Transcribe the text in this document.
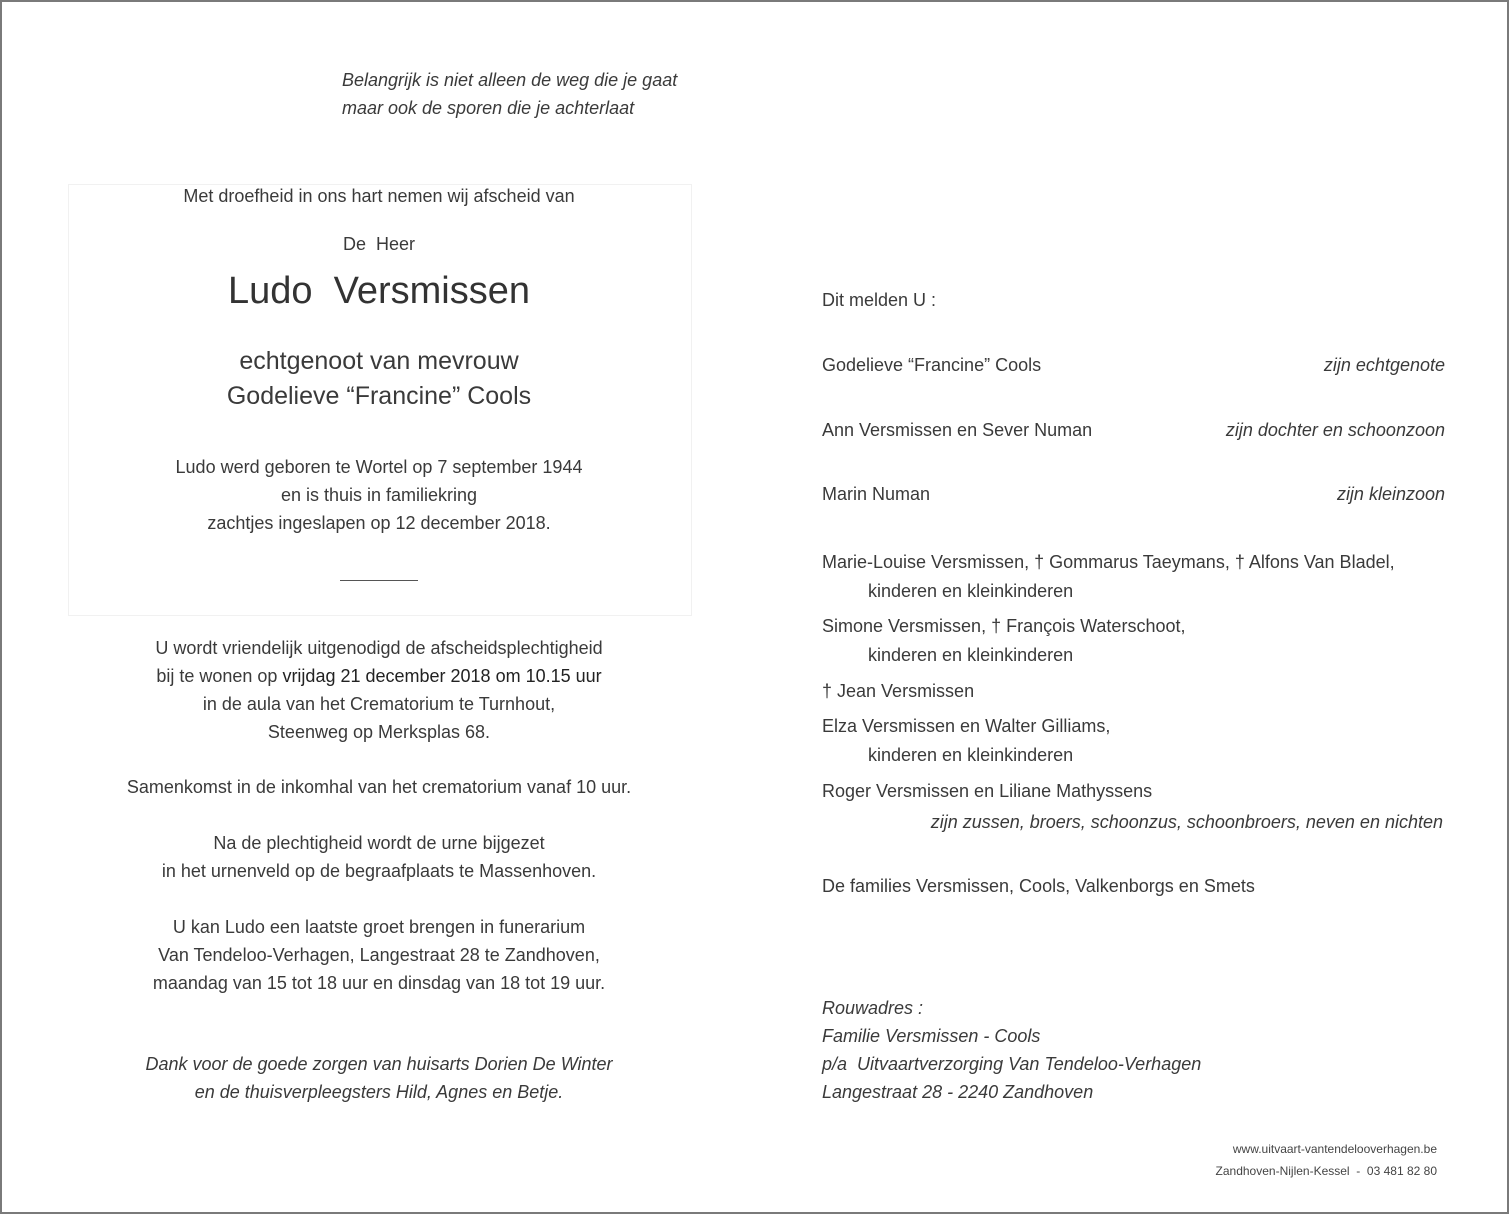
Belangrijk is niet alleen de weg die je gaat
maar ook de sporen die je achterlaat
Met droefheid in ons hart nemen wij afscheid van
De  Heer
Ludo  Versmissen
echtgenoot van mevrouw
Godelieve “Francine” Cools
Ludo werd geboren te Wortel op 7 september 1944
en is thuis in familiekring
zachtjes ingeslapen op 12 december 2018.
U wordt vriendelijk uitgenodigd de afscheidsplechtigheid
bij te wonen op vrijdag 21 december 2018 om 10.15 uur
in de aula van het Crematorium te Turnhout,
Steenweg op Merksplas 68.
Samenkomst in de inkomhal van het crematorium vanaf 10 uur.
Na de plechtigheid wordt de urne bijgezet
in het urnenveld op de begraafplaats te Massenhoven.
U kan Ludo een laatste groet brengen in funerarium
Van Tendeloo-Verhagen, Langestraat 28 te Zandhoven,
maandag van 15 tot 18 uur en dinsdag van 18 tot 19 uur.
Dank voor de goede zorgen van huisarts Dorien De Winter
en de thuisverpleegsters Hild, Agnes en Betje.
Dit melden U :
Godelieve “Francine” Cools	zijn echtgenote
Ann Versmissen en Sever Numan	zijn dochter en schoonzoon
Marin Numan	zijn kleinzoon
Marie-Louise Versmissen, † Gommarus Taeymans, † Alfons Van Bladel,
kinderen en kleinkinderen
Simone Versmissen, † François Waterschoot,
kinderen en kleinkinderen
† Jean Versmissen
Elza Versmissen en Walter Gilliams,
kinderen en kleinkinderen
Roger Versmissen en Liliane Mathyssens
zijn zussen, broers, schoonzus, schoonbroers, neven en nichten
De families Versmissen, Cools, Valkenborgs en Smets
Rouwadres :
Familie Versmissen - Cools
p/a  Uitvaartverzorging Van Tendeloo-Verhagen
Langestraat 28 - 2240 Zandhoven
www.uitvaart-vantendelooverhagen.be
Zandhoven-Nijlen-Kessel  -  03 481 82 80
